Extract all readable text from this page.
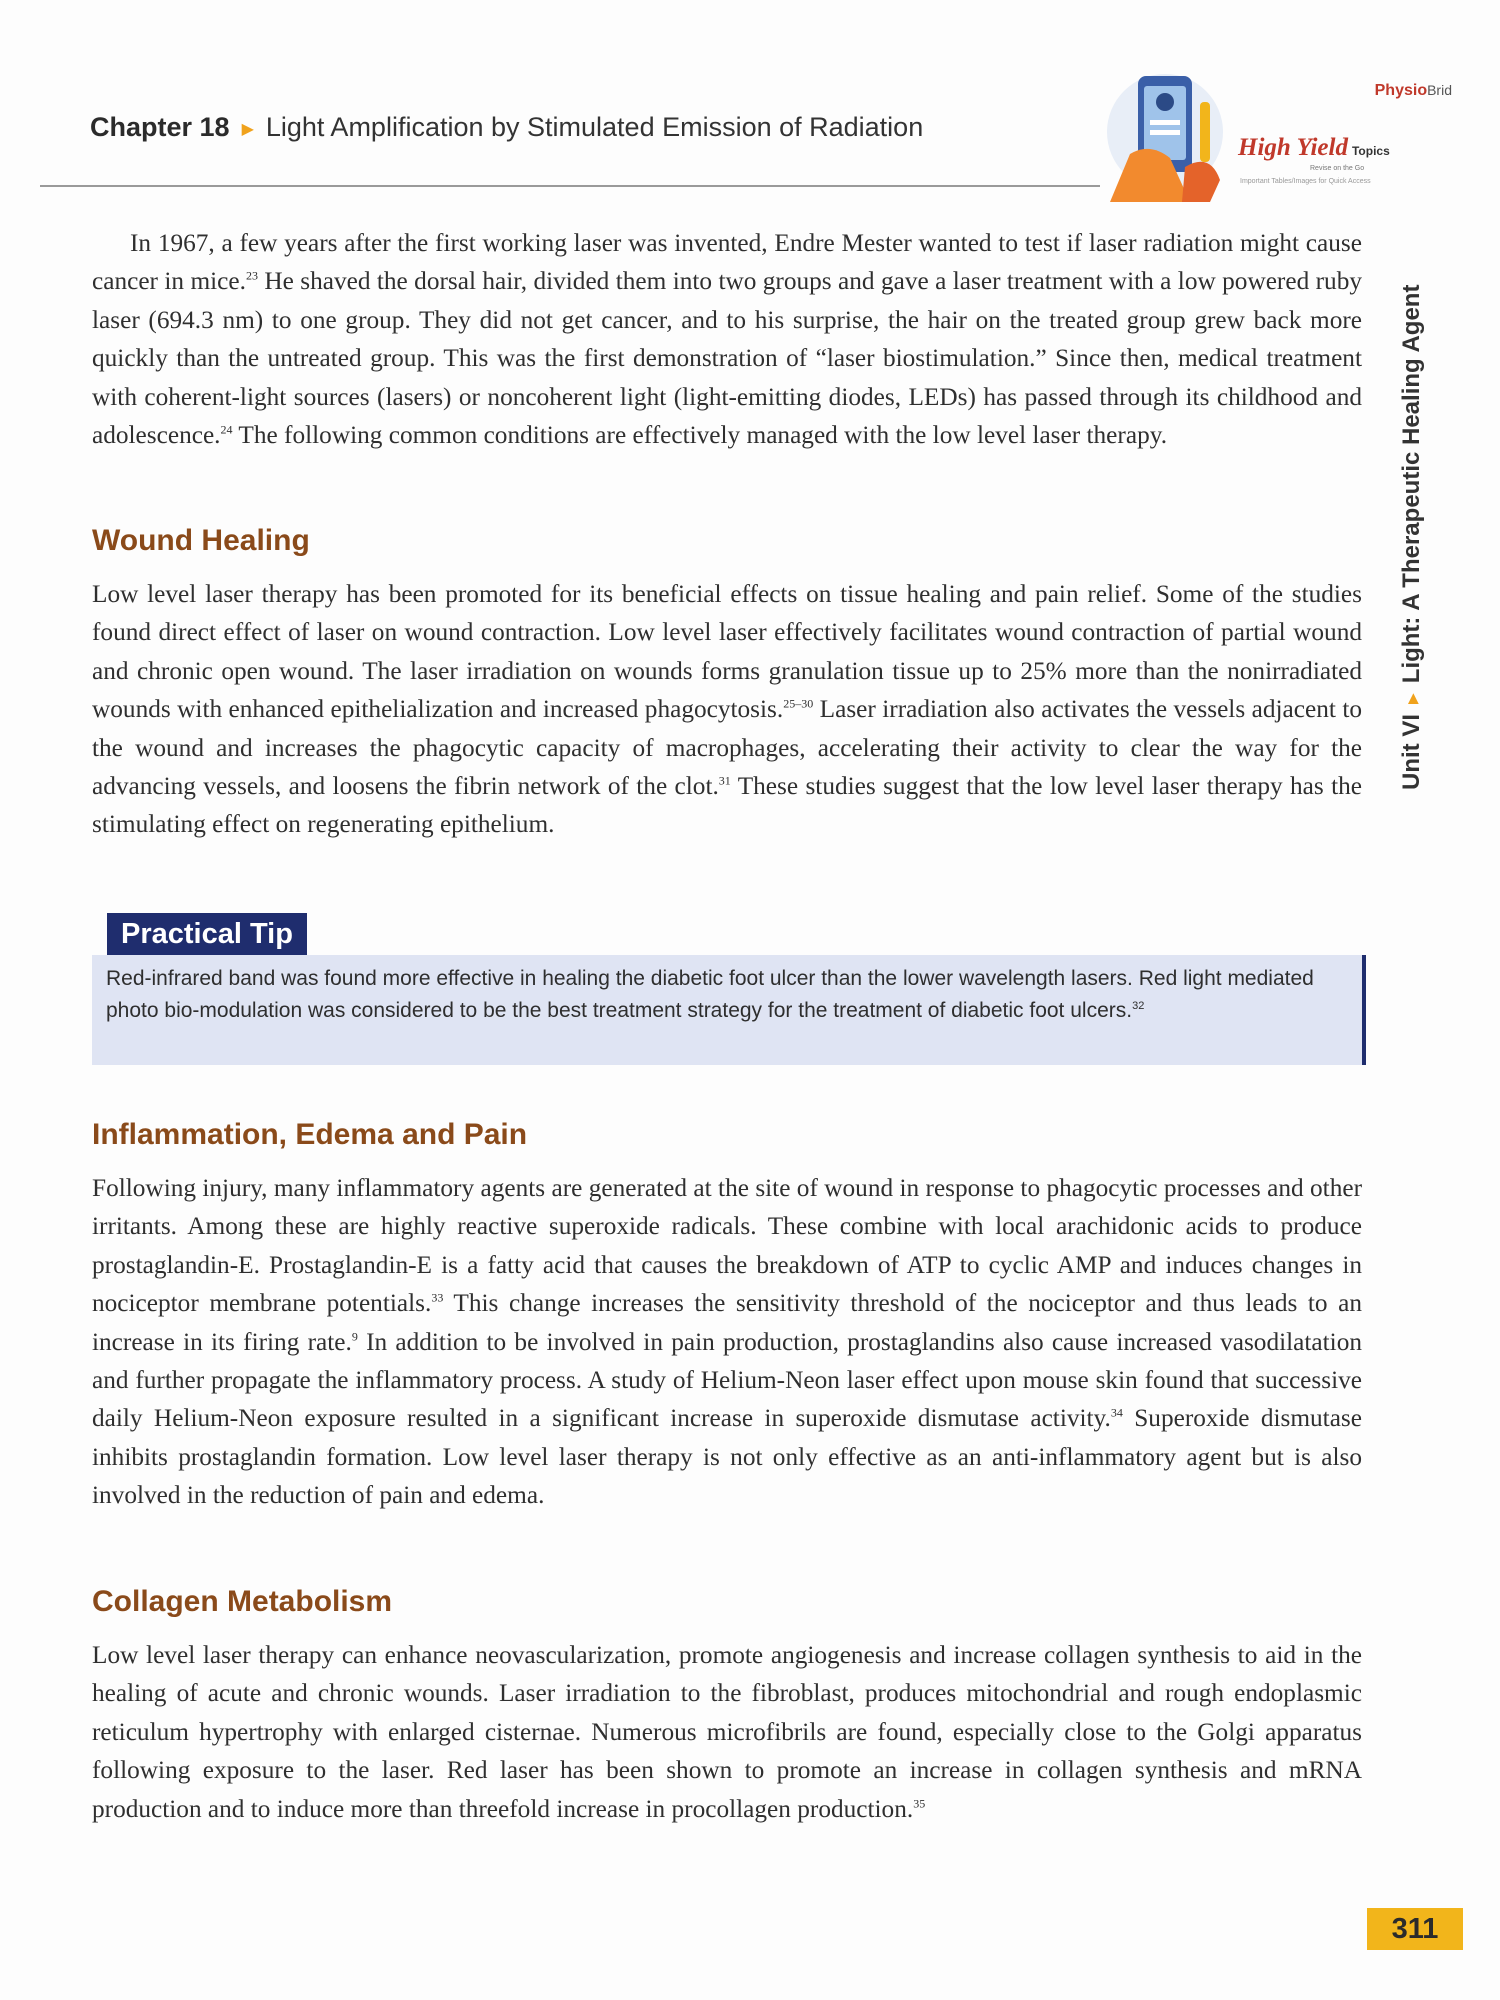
Chapter 18 ▶ Light Amplification by Stimulated Emission of Radiation
PhysioBrid
High Yield Topics
Revise on the Go
Important Tables/Images for Quick Access
Unit VI▶Light: A Therapeutic Healing Agent
In 1967, a few years after the first working laser was invented, Endre Mester wanted to test if laser radiation might cause cancer in mice.$^{23}$ He shaved the dorsal hair, divided them into two groups and gave a laser treatment with a low powered ruby laser (694.3 nm) to one group. They did not get cancer, and to his surprise, the hair on the treated group grew back more quickly than the untreated group. This was the first demonstration of “laser biostimulation.” Since then, medical treatment with coherent-light sources (lasers) or noncoherent light (light-emitting diodes, LEDs) has passed through its childhood and adolescence.$^{24}$ The following common conditions are effectively managed with the low level laser therapy.
Wound Healing
Low level laser therapy has been promoted for its beneficial effects on tissue healing and pain relief. Some of the studies found direct effect of laser on wound contraction. Low level laser effectively facilitates wound contraction of partial wound and chronic open wound. The laser irradiation on wounds forms granulation tissue up to 25% more than the nonirradiated wounds with enhanced epithelialization and increased phagocytosis.$^{25-30}$ Laser irradiation also activates the vessels adjacent to the wound and increases the phagocytic capacity of macrophages, accelerating their activity to clear the way for the advancing vessels, and loosens the fibrin network of the clot.$^{31}$ These studies suggest that the low level laser therapy has the stimulating effect on regenerating epithelium.
Red-infrared band was found more effective in healing the diabetic foot ulcer than the lower wavelength lasers. Red light mediated photo bio-modulation was considered to be the best treatment strategy for the treatment of diabetic foot ulcers.$^{32}$
Practical Tip
Inflammation, Edema and Pain
Following injury, many inflammatory agents are generated at the site of wound in response to phagocytic processes and other irritants. Among these are highly reactive superoxide radicals. These combine with local arachidonic acids to produce prostaglandin-E. Prostaglandin-E is a fatty acid that causes the breakdown of ATP to cyclic AMP and induces changes in nociceptor membrane potentials.$^{33}$ This change increases the sensitivity threshold of the nociceptor and thus leads to an increase in its firing rate.$^9$ In addition to be involved in pain production, prostaglandins also cause increased vasodilatation and further propagate the inflammatory process. A study of Helium-Neon laser effect upon mouse skin found that successive daily Helium-Neon exposure resulted in a significant increase in superoxide dismutase activity.$^{34}$ Superoxide dismutase inhibits prostaglandin formation. Low level laser therapy is not only effective as an anti-inflammatory agent but is also involved in the reduction of pain and edema.
Collagen Metabolism
Low level laser therapy can enhance neovascularization, promote angiogenesis and increase collagen synthesis to aid in the healing of acute and chronic wounds. Laser irradiation to the fibroblast, produces mitochondrial and rough endoplasmic reticulum hypertrophy with enlarged cisternae. Numerous microfibrils are found, especially close to the Golgi apparatus following exposure to the laser. Red laser has been shown to promote an increase in collagen synthesis and mRNA production and to induce more than threefold increase in procollagen production.$^{35}$
311
